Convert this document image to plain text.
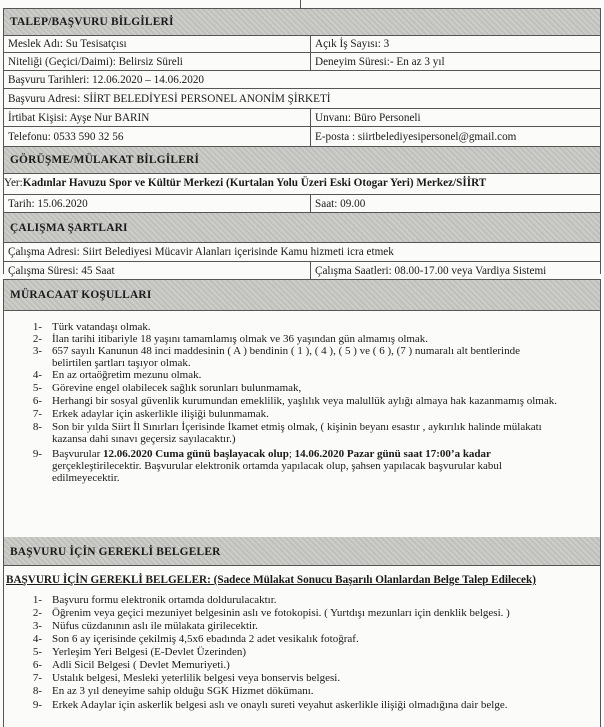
TALEP/BAŞVURU BİLGİLERİ
Meslek Adı: Su Tesisatçısı	Açık İş Sayısı: 3
Niteliği (Geçici/Daimi): Belirsiz Süreli	Deneyim Süresi:- En az 3 yıl
Başvuru Tarihleri: 12.06.2020 – 14.06.2020
Başvuru Adresi: SİİRT BELEDİYESİ PERSONEL ANONİM ŞİRKETİ
İrtibat Kişisi: Ayşe Nur BARIN	Unvanı: Büro Personeli
Telefonu: 0533 590 32 56	E-posta : siirtbelediyesipersonel@gmail.com
GÖRÜŞME/MÜLAKAT BİLGİLERİ
Yer: Kadınlar Havuzu Spor ve Kültür Merkezi (Kurtalan Yolu Üzeri Eski Otogar Yeri) Merkez/SİİRT
Tarih: 15.06.2020	Saat: 09.00
ÇALIŞMA ŞARTLARI
Çalışma Adresi: Siirt Belediyesi Mücavir Alanları içerisinde Kamu hizmeti icra etmek
Çalışma Süresi: 45 Saat	Çalışma Saatleri: 08.00-17.00 veya Vardiya Sistemi
MÜRACAAT KOŞULLARI
1- Türk vatandaşı olmak.
2- İlan tarihi itibariyle 18 yaşını tamamlamış olmak ve 36 yaşından gün almamış olmak.
3- 657 sayılı Kanunun 48 inci maddesinin ( A ) bendinin ( 1 ), ( 4 ), ( 5 ) ve ( 6 ), (7 ) numaralı alt bentlerinde
belirtilen şartları taşıyor olmak.
4- En az ortaöğretim mezunu olmak.
5- Görevine engel olabilecek sağlık sorunları bulunmamak,
6- Herhangi bir sosyal güvenlik kurumundan emeklilik, yaşlılık veya malullük aylığı almaya hak kazanmamış olmak.
7- Erkek adaylar için askerlikle ilişiği bulunmamak.
8- Son bir yılda Siirt İl Sınırları İçerisinde İkamet etmiş olmak, ( kişinin beyanı esastır , aykırılık halinde mülakatı
kazansa dahi sınavı geçersiz sayılacaktır.)
9- Başvurular 12.06.2020 Cuma günü başlayacak olup; 14.06.2020 Pazar günü saat 17:00’a kadar
gerçekleştirilecektir. Başvurular elektronik ortamda yapılacak olup, şahsen yapılacak başvurular kabul
edilmeyecektir.
BAŞVURU İÇİN GEREKLİ BELGELER
BAŞVURU İÇİN GEREKLİ BELGELER: (Sadece Mülakat Sonucu Başarılı Olanlardan Belge Talep Edilecek)
1- Başvuru formu elektronik ortamda doldurulacaktır.
2- Öğrenim veya geçici mezuniyet belgesinin aslı ve fotokopisi. ( Yurtdışı mezunları için denklik belgesi. )
3- Nüfus cüzdanının aslı ile mülakata girilecektir.
4- Son 6 ay içerisinde çekilmiş 4,5x6 ebadında 2 adet vesikalık fotoğraf.
5- Yerleşim Yeri Belgesi (E-Devlet Üzerinden)
6- Adli Sicil Belgesi ( Devlet Memuriyeti.)
7- Ustalık belgesi, Mesleki yeterlilik belgesi veya bonservis belgesi.
8- En az 3 yıl deneyime sahip olduğu SGK Hizmet dökümanı.
9- Erkek Adaylar için askerlik belgesi aslı ve onaylı sureti veyahut askerlikle ilişiği olmadığına dair belge.
